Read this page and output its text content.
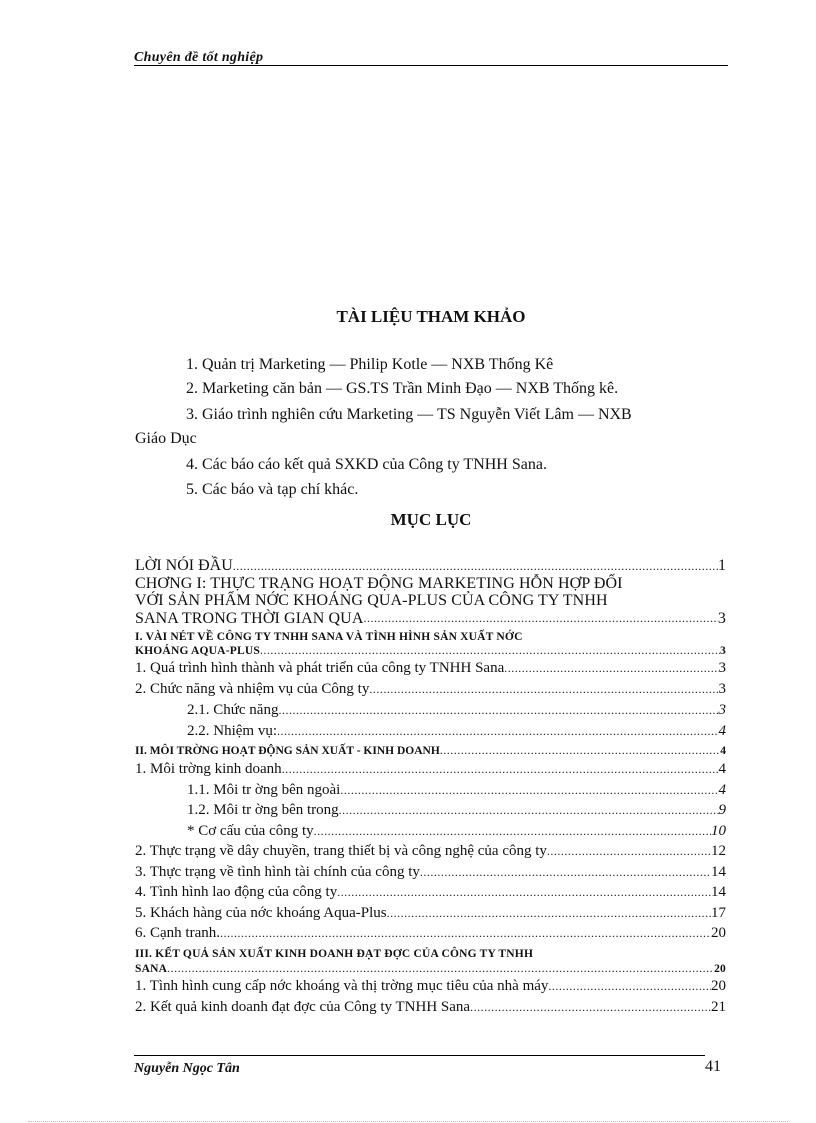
Chuyên đề tốt nghiệp
TÀI LIỆU THAM KHẢO
1. Quản trị Marketing — Philip Kotle — NXB Thống Kê
2. Marketing căn bản — GS.TS Trần Minh Đạo — NXB Thống kê.
3. Giáo trình nghiên cứu Marketing — TS Nguyễn Viết Lâm — NXB
Giáo Dục
4. Các báo cáo kết quả SXKD của Công ty TNHH Sana.
5. Các báo và tạp chí khác.
MỤC LỤC
LỜI NÓI ĐẦU .....	1
CHƠNG I: THỰC TRẠNG HOẠT ĐỘNG MARKETING HỖN HỢP ĐỐI
VỚI SẢN PHẨM NỚC KHOÁNG QUA-PLUS CỦA CÔNG TY TNHH
SANA TRONG THỜI GIAN QUA .....	3
I. VÀI NÉT VỀ CÔNG TY TNHH SANA VÀ TÌNH HÌNH SẢN XUẤT NỚC
KHOÁNG AQUA-PLUS .....	3
1. Quá trình hình thành và phát triển của công ty TNHH Sana .....	3
2. Chức năng và nhiệm vụ của Công ty .....	3
2.1. Chức năng .....	3
2.2. Nhiệm vụ: .....	4
II. MÔI TRỜNG HOẠT ĐỘNG SẢN XUẤT - KINH DOANH .....	4
1. Môi trờng kinh doanh .....	4
1.1. Môi tr ờng bên ngoài .....	4
1.2. Môi tr ờng bên trong .....	9
* Cơ cấu của công ty .....	10
2. Thực trạng về dây chuyền, trang thiết bị và công nghệ của công ty .....	12
3. Thực trạng về tình hình tài chính của công ty .....	14
4. Tình hình lao động của công ty .....	14
5. Khách hàng của nớc khoáng Aqua-Plus .....	17
6. Cạnh tranh. .....	20
III. KẾT QUẢ SẢN XUẤT KINH DOANH ĐẠT ĐỢC CỦA CÔNG TY TNHH
SANA .....	20
1. Tình hình cung cấp nớc khoáng và thị trờng mục tiêu của nhà máy .....	20
2. Kết quả kinh doanh đạt đợc của Công ty TNHH Sana .....	21
Nguyễn Ngọc Tân	41
